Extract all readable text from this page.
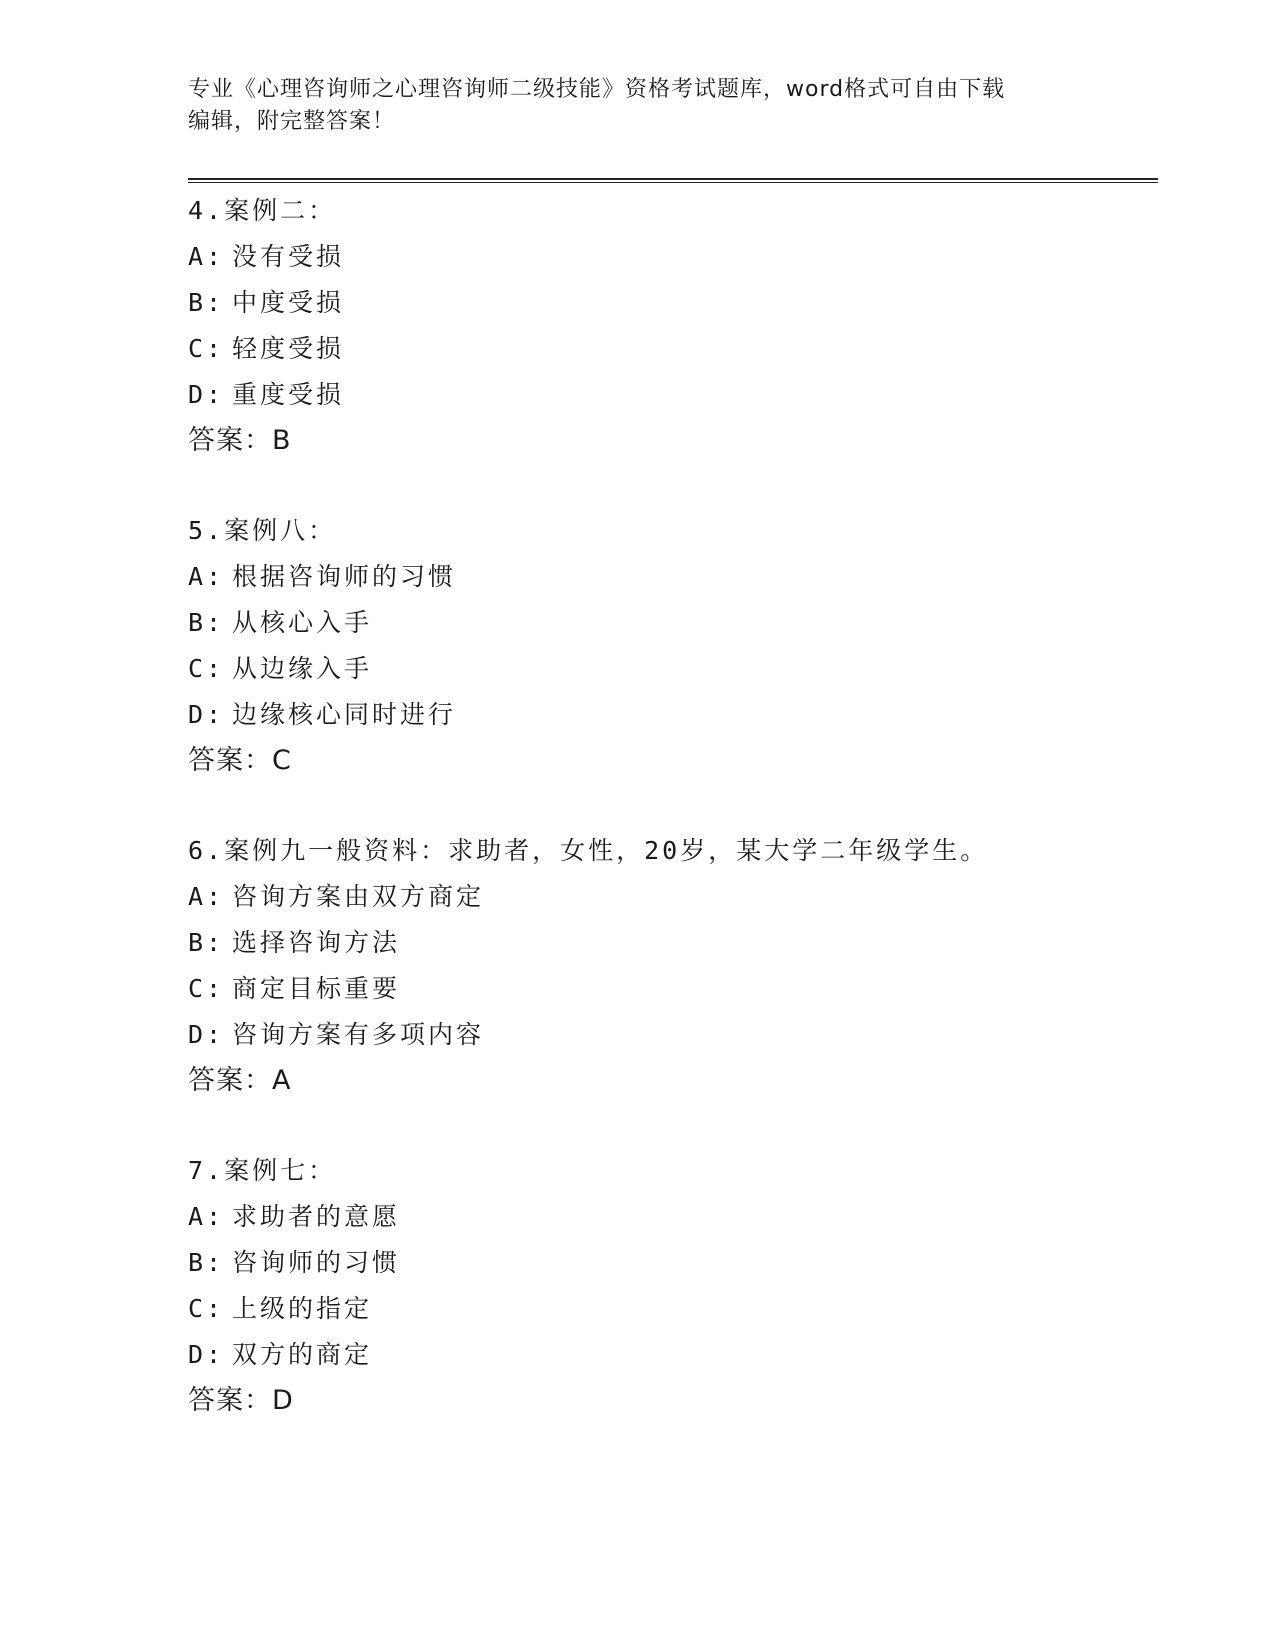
专业《心理咨询师之心理咨询师二级技能》资格考试题库，word格式可自由下载
编辑，附完整答案！
4.案例二：
A: 没有受损
B: 中度受损
C: 轻度受损
D: 重度受损
答案：B
5.案例八：
A: 根据咨询师的习惯
B: 从核心入手
C: 从边缘入手
D: 边缘核心同时进行
答案：C
6.案例九一般资料：求助者，女性，20岁，某大学二年级学生。
A: 咨询方案由双方商定
B: 选择咨询方法
C: 商定目标重要
D: 咨询方案有多项内容
答案：A
7.案例七：
A: 求助者的意愿
B: 咨询师的习惯
C: 上级的指定
D: 双方的商定
答案：D
